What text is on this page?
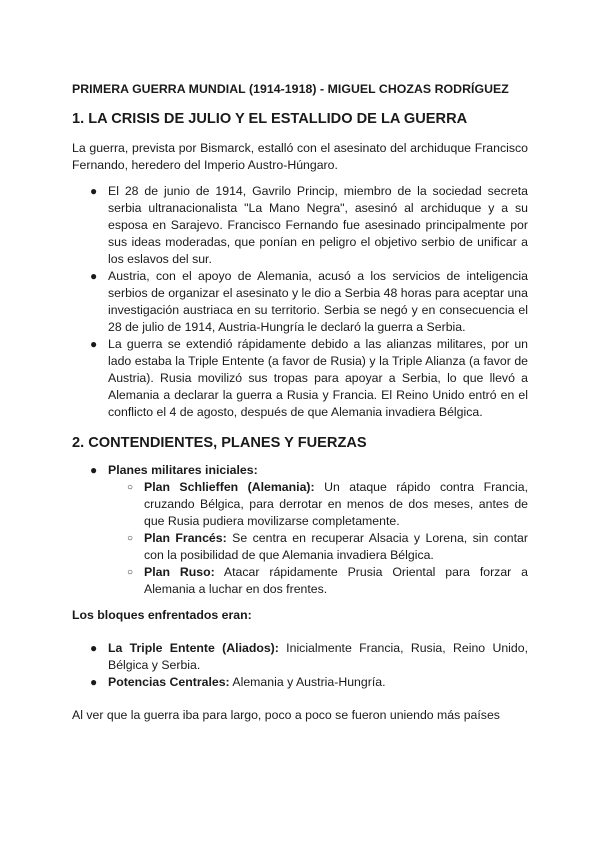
PRIMERA GUERRA MUNDIAL (1914-1918) - MIGUEL CHOZAS RODRÍGUEZ
1. LA CRISIS DE JULIO Y EL ESTALLIDO DE LA GUERRA

La guerra, prevista por Bismarck, estalló con el asesinato del archiduque Francisco Fernando, heredero del Imperio Austro-Húngaro.

● El 28 de junio de 1914, Gavrilo Princip, miembro de la sociedad secreta serbia ultranacionalista "La Mano Negra", asesinó al archiduque y a su esposa en Sarajevo. Francisco Fernando fue asesinado principalmente por sus ideas moderadas, que ponían en peligro el objetivo serbio de unificar a los eslavos del sur.
● Austria, con el apoyo de Alemania, acusó a los servicios de inteligencia serbios de organizar el asesinato y le dio a Serbia 48 horas para aceptar una investigación austriaca en su territorio. Serbia se negó y en consecuencia el 28 de julio de 1914, Austria-Hungría le declaró la guerra a Serbia.
● La guerra se extendió rápidamente debido a las alianzas militares, por un lado estaba la Triple Entente (a favor de Rusia) y la Triple Alianza (a favor de Austria). Rusia movilizó sus tropas para apoyar a Serbia, lo que llevó a Alemania a declarar la guerra a Rusia y Francia. El Reino Unido entró en el conflicto el 4 de agosto, después de que Alemania invadiera Bélgica.
2. CONTENDIENTES, PLANES Y FUERZAS
● Planes militares iniciales:
○ Plan Schlieffen (Alemania): Un ataque rápido contra Francia, cruzando Bélgica, para derrotar en menos de dos meses, antes de que Rusia pudiera movilizarse completamente.
○ Plan Francés: Se centra en recuperar Alsacia y Lorena, sin contar con la posibilidad de que Alemania invadiera Bélgica.
○ Plan Ruso: Atacar rápidamente Prusia Oriental para forzar a Alemania a luchar en dos frentes.

Los bloques enfrentados eran:

● La Triple Entente (Aliados): Inicialmente Francia, Rusia, Reino Unido, Bélgica y Serbia.
● Potencias Centrales: Alemania y Austria-Hungría.

Al ver que la guerra iba para largo, poco a poco se fueron uniendo más países
